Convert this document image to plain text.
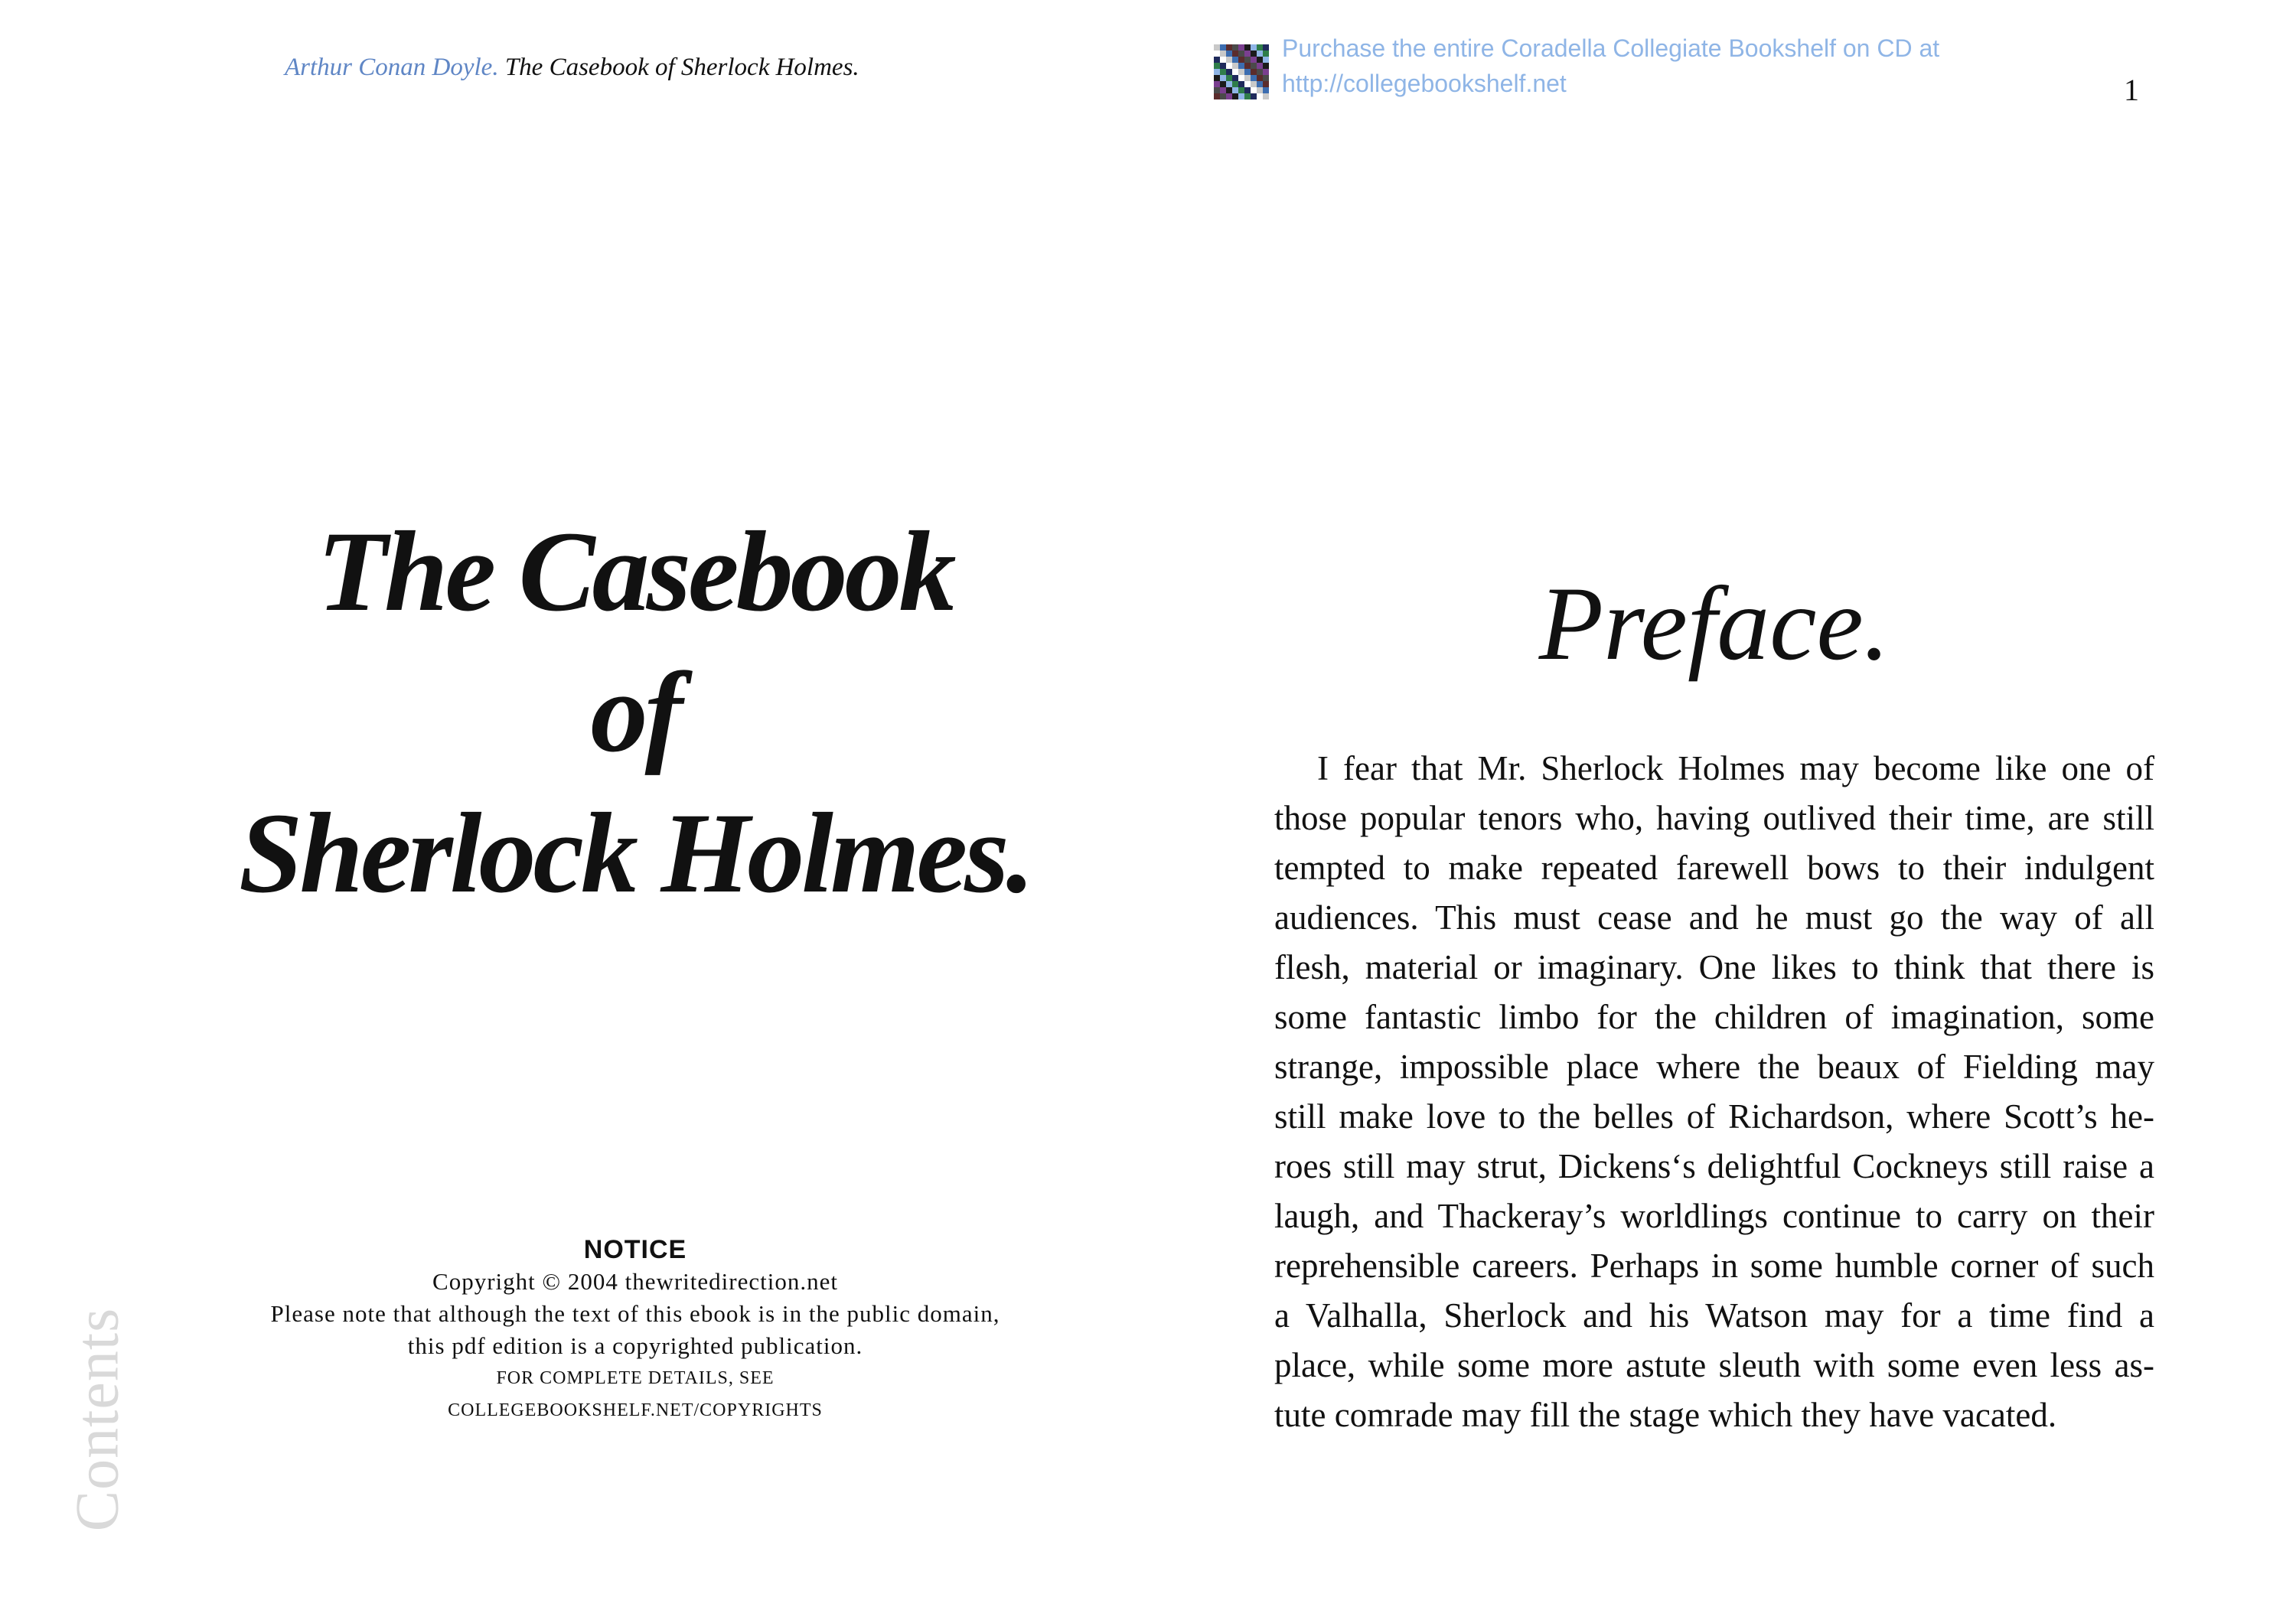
Arthur Conan Doyle. The Casebook of Sherlock Holmes.
Purchase the entire Coradella Collegiate Bookshelf on CD at
http://collegebookshelf.net	1
The Casebook
of
Sherlock Holmes.
NOTICE
Copyright © 2004 thewritedirection.net
Please note that although the text of this ebook is in the public domain,
this pdf edition is a copyrighted publication.
FOR COMPLETE DETAILS, SEE
COLLEGEBOOKSHELF.NET/COPYRIGHTS
Contents
Preface.
I fear that Mr. Sherlock Holmes may become like one of
those popular tenors who, having outlived their time, are still
tempted to make repeated farewell bows to their indulgent
audiences. This must cease and he must go the way of all
flesh, material or imaginary. One likes to think that there is
some fantastic limbo for the children of imagination, some
strange, impossible place where the beaux of Fielding may
still make love to the belles of Richardson, where Scott’s he-
roes still may strut, Dickens‘s delightful Cockneys still raise a
laugh, and Thackeray’s worldlings continue to carry on their
reprehensible careers. Perhaps in some humble corner of such
a Valhalla, Sherlock and his Watson may for a time find a
place, while some more astute sleuth with some even less as-
tute comrade may fill the stage which they have vacated.
